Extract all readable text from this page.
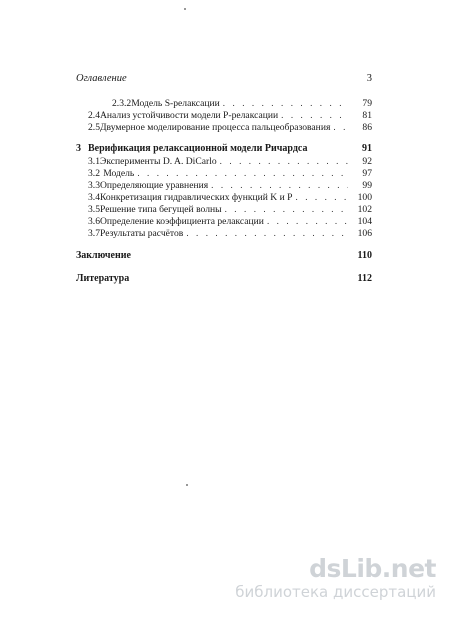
Оглавление	3
2.3.2 Модель S-релаксации . . .	79
2.4 Анализ устойчивости модели P-релаксации . . .	81
2.5 Двумерное моделирование процесса пальцеобразования . . .	86
3 Верификация релаксационной модели Ричардса	91
3.1 Эксперименты D. A. DiCarlo . . .	92
3.2 Модель . . .	97
3.3 Определяющие уравнения . . .	99
3.4 Конкретизация гидравлических функций K и P . . .	100
3.5 Решение типа бегущей волны . . .	102
3.6 Определение коэффициента релаксации . . .	104
3.7 Результаты расчётов . . .	106
Заключение	110
Литература	112
dsLib.net
библиотека диссертаций
